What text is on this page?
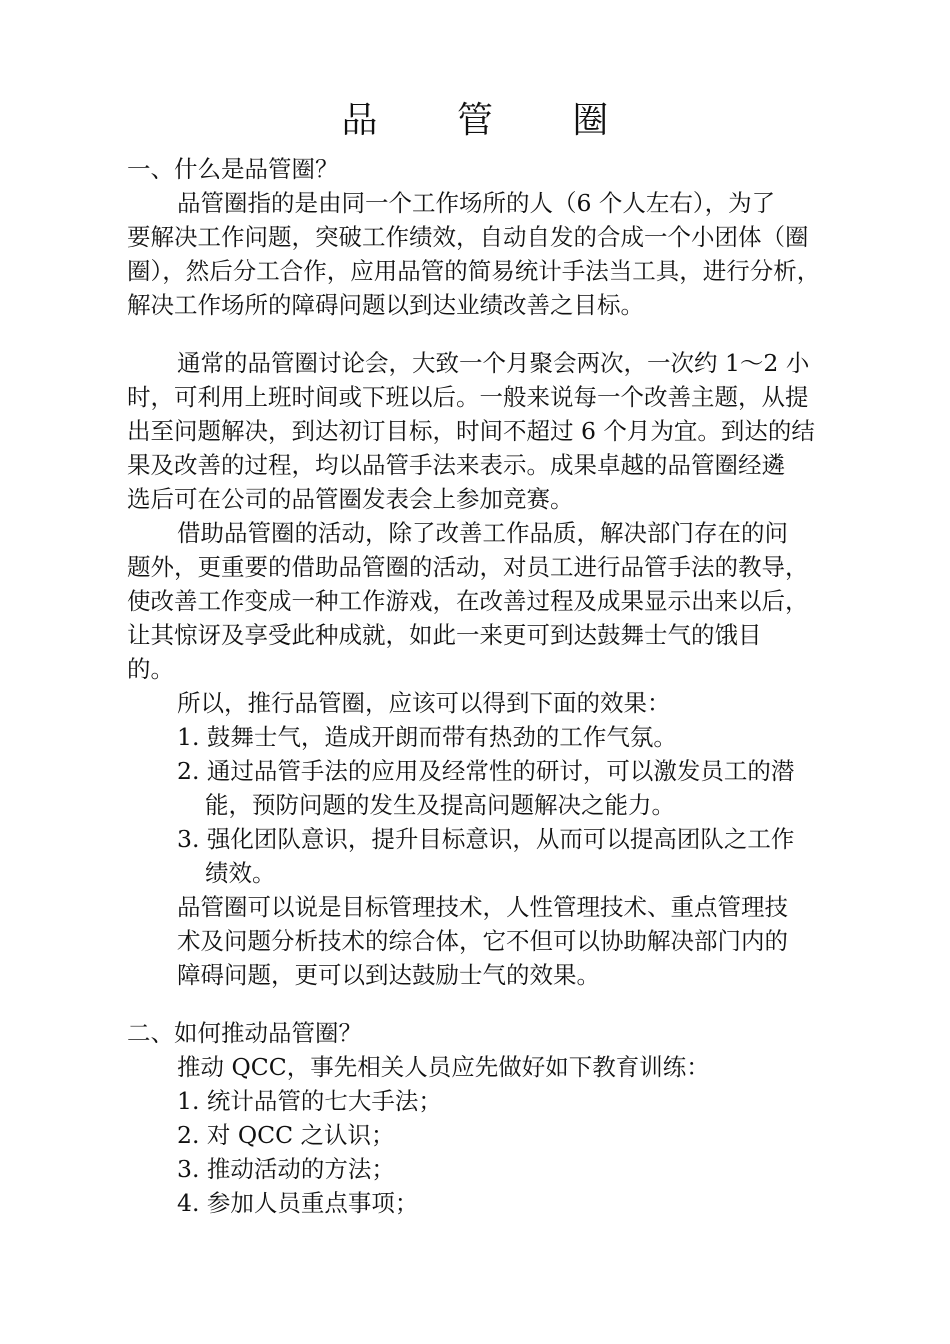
品 管 圈
一、什么是品管圈？
品管圈指的是由同一个工作场所的人（6 个人左右），为了
要解决工作问题，突破工作绩效，自动自发的合成一个小团体（圈
圈），然后分工合作，应用品管的简易统计手法当工具，进行分析，
解决工作场所的障碍问题以到达业绩改善之目标。
通常的品管圈讨论会，大致一个月聚会两次，一次约 1～2 小
时，可利用上班时间或下班以后。一般来说每一个改善主题，从提
出至问题解决，到达初订目标，时间不超过 6 个月为宜。到达的结
果及改善的过程，均以品管手法来表示。成果卓越的品管圈经遴
选后可在公司的品管圈发表会上参加竞赛。
借助品管圈的活动，除了改善工作品质，解决部门存在的问
题外，更重要的借助品管圈的活动，对员工进行品管手法的教导，
使改善工作变成一种工作游戏，在改善过程及成果显示出来以后，
让其惊讶及享受此种成就，如此一来更可到达鼓舞士气的饿目
的。
所以，推行品管圈，应该可以得到下面的效果：
1. 鼓舞士气，造成开朗而带有热劲的工作气氛。
2. 通过品管手法的应用及经常性的研讨，可以激发员工的潜
能，预防问题的发生及提高问题解决之能力。
3. 强化团队意识，提升目标意识，从而可以提高团队之工作
绩效。
品管圈可以说是目标管理技术，人性管理技术、重点管理技
术及问题分析技术的综合体，它不但可以协助解决部门内的
障碍问题，更可以到达鼓励士气的效果。
二、如何推动品管圈？
推动 QCC，事先相关人员应先做好如下教育训练：
1. 统计品管的七大手法；
2. 对 QCC 之认识；
3. 推动活动的方法；
4. 参加人员重点事项；
